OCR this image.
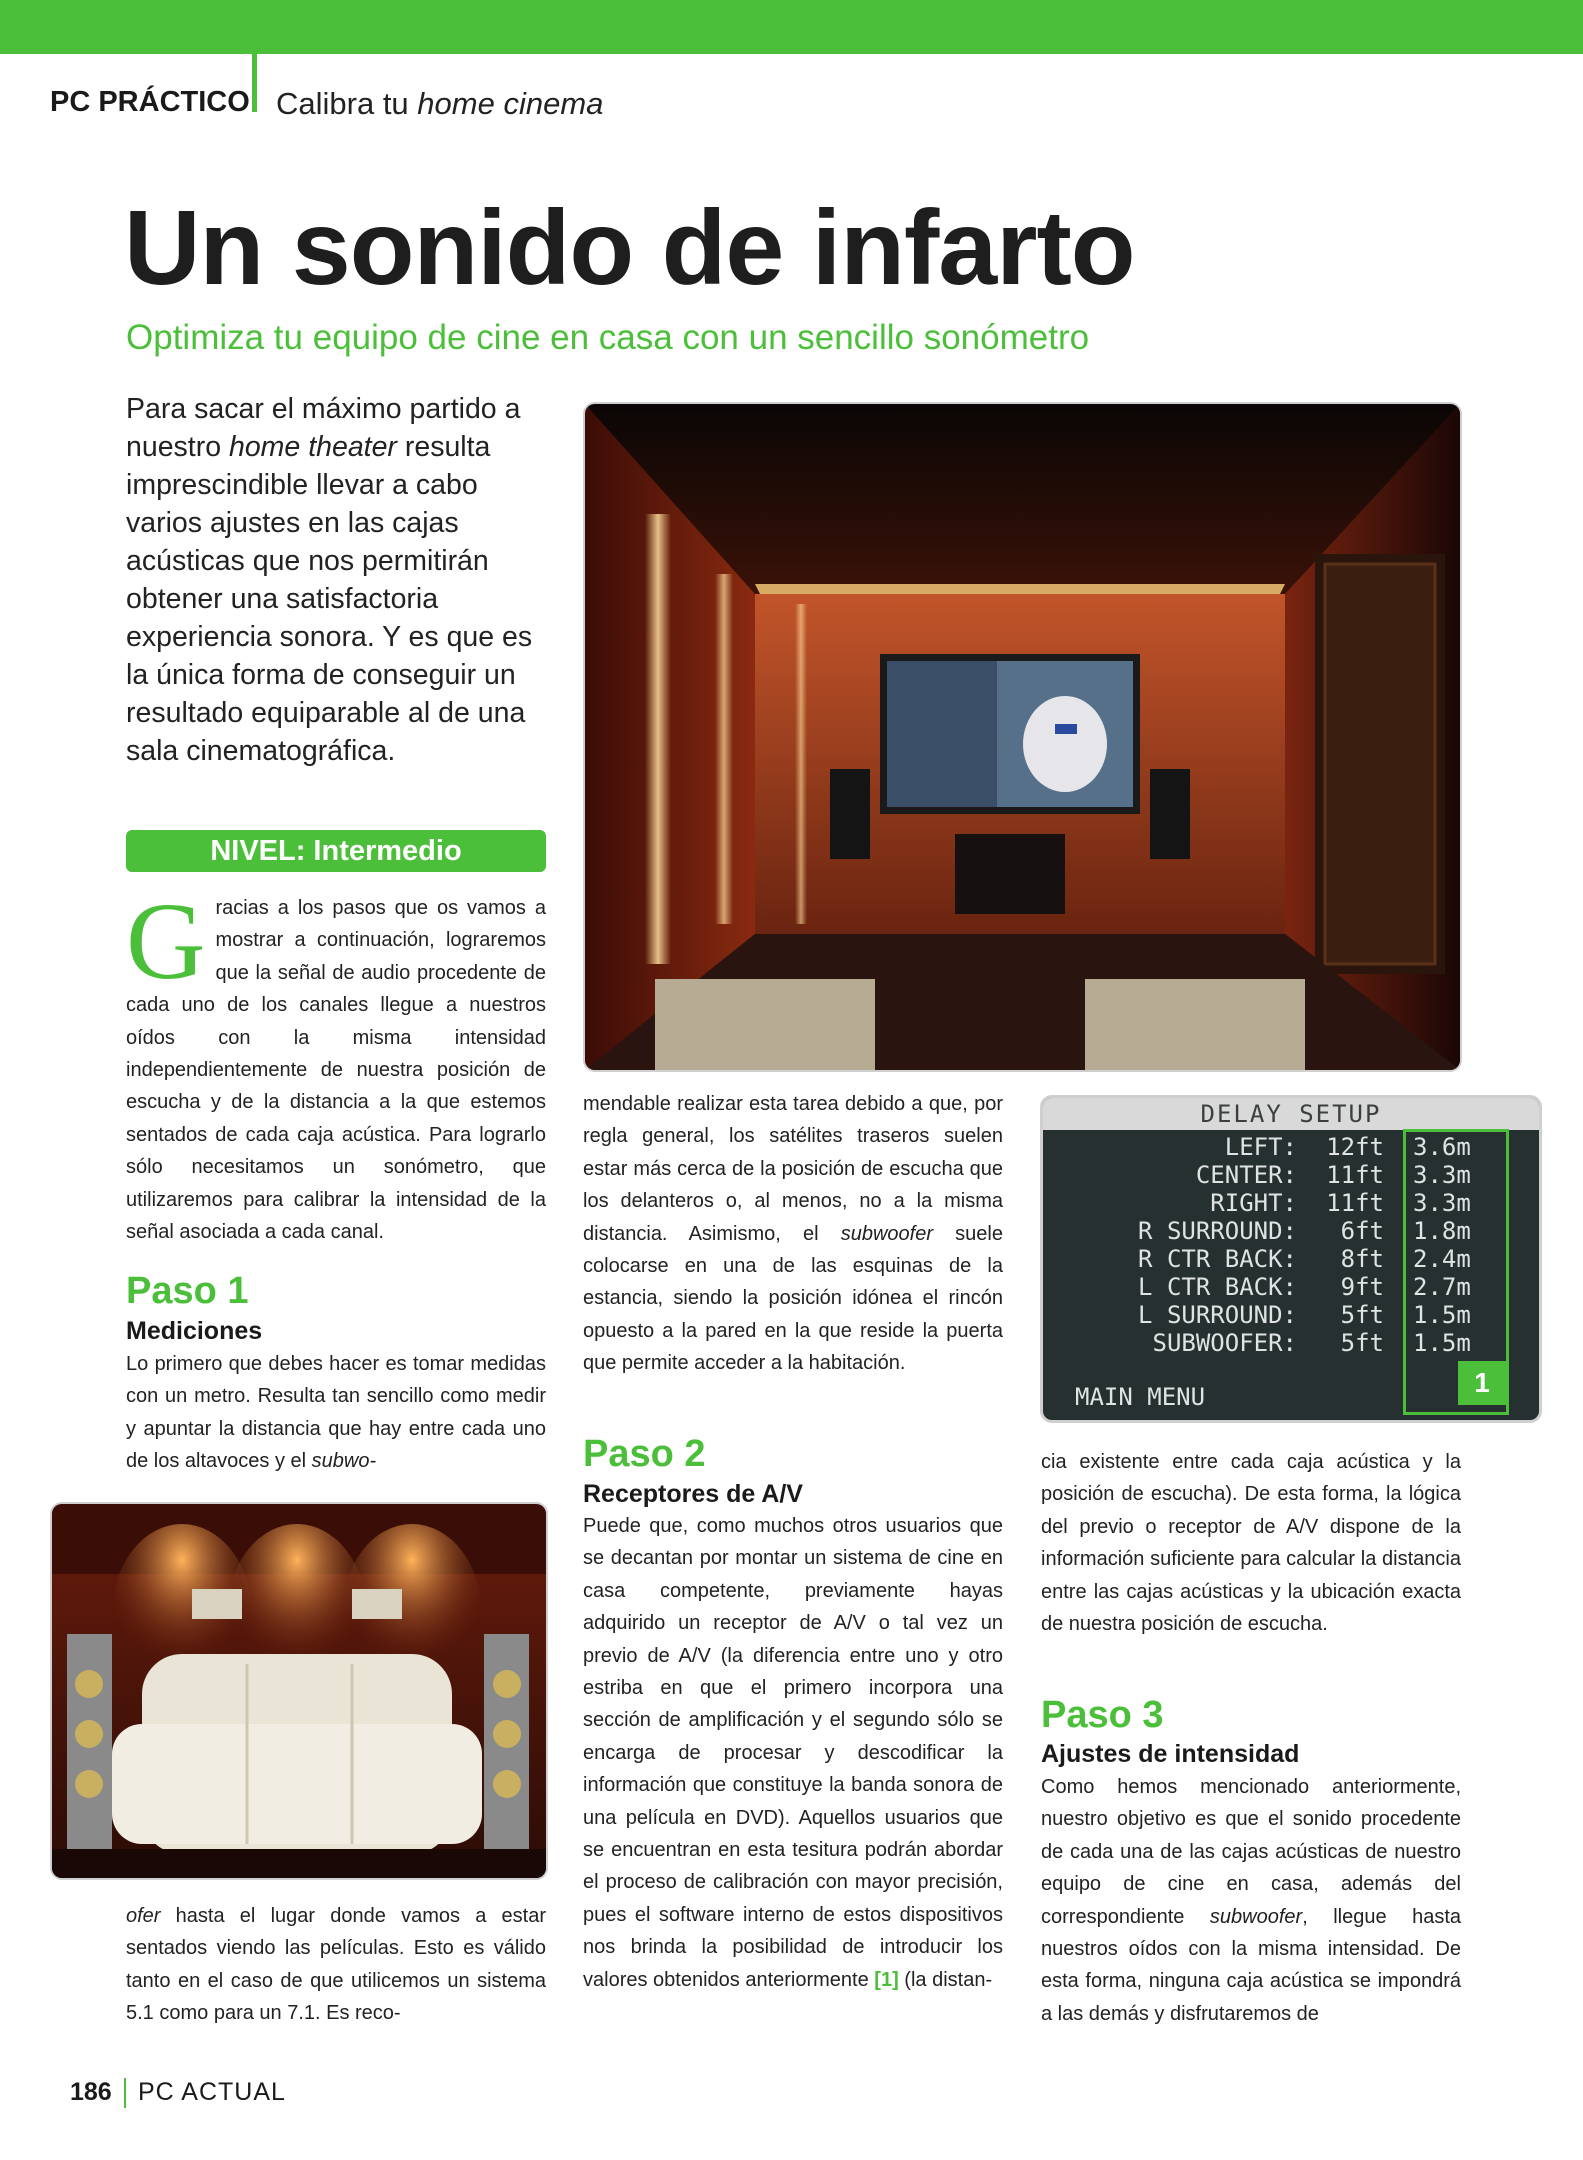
PC PRÁCTICO Calibra tu home cinema
Un sonido de infarto
Optimiza tu equipo de cine en casa con un sencillo sonómetro
Para sacar el máximo partido a nuestro home theater resulta imprescindible llevar a cabo varios ajustes en las cajas acústicas que nos permitirán obtener una satisfactoria experiencia sonora. Y es que es la única forma de conseguir un resultado equiparable al de una sala cinematográfica.
NIVEL: Intermedio

Gracias a los pasos que os vamos a mostrar a continuación, lograremos que la señal de audio procedente de cada uno de los canales llegue a nuestros oídos con la misma intensidad independientemente de nuestra posición de escucha y de la distancia a la que estemos sentados de cada caja acústica. Para lograrlo sólo necesitamos un sonómetro, que utilizaremos para calibrar la intensidad de la señal asociada a cada canal.

Paso 1
Mediciones

Lo primero que debes hacer es tomar medidas con un metro. Resulta tan sencillo como medir y apuntar la distancia que hay entre cada uno de los altavoces y el subwo-

ofer hasta el lugar donde vamos a estar sentados viendo las películas. Esto es válido tanto en el caso de que utilicemos un sistema 5.1 como para un 7.1. Es reco-

mendable realizar esta tarea debido a que, por regla general, los satélites traseros suelen estar más cerca de la posición de escucha que los delanteros o, al menos, no a la misma distancia. Asimismo, el subwoofer suele colocarse en una de las esquinas de la estancia, siendo la posición idónea el rincón opuesto a la pared en la que reside la puerta que permite acceder a la habitación.

Paso 2
Receptores de A/V

Puede que, como muchos otros usuarios que se decantan por montar un sistema de cine en casa competente, previamente hayas adquirido un receptor de A/V o tal vez un previo de A/V (la diferencia entre uno y otro estriba en que el primero incorpora una sección de amplificación y el segundo sólo se encarga de procesar y descodificar la información que constituye la banda sonora de una película en DVD). Aquellos usuarios que se encuentran en esta tesitura podrán abordar el proceso de calibración con mayor precisión, pues el software interno de estos dispositivos nos brinda la posibilidad de introducir los valores obtenidos anteriormente [1] (la distan-

DELAY SETUP
LEFT: 12ft 3.6m
CENTER: 11ft 3.3m
RIGHT: 11ft 3.3m
R SURROUND: 6ft 1.8m
R CTR BACK: 8ft 2.4m
L CTR BACK: 9ft 2.7m
L SURROUND: 5ft 1.5m
SUBWOOFER: 5ft 1.5m
MAIN MENU	1

cia existente entre cada caja acústica y la posición de escucha). De esta forma, la lógica del previo o receptor de A/V dispone de la información suficiente para calcular la distancia entre las cajas acústicas y la ubicación exacta de nuestra posición de escucha.

Paso 3
Ajustes de intensidad

Como hemos mencionado anteriormente, nuestro objetivo es que el sonido procedente de cada una de las cajas acústicas de nuestro equipo de cine en casa, además del correspondiente subwoofer, llegue hasta nuestros oídos con la misma intensidad. De esta forma, ninguna caja acústica se impondrá a las demás y disfrutaremos de

186 PC ACTUAL
